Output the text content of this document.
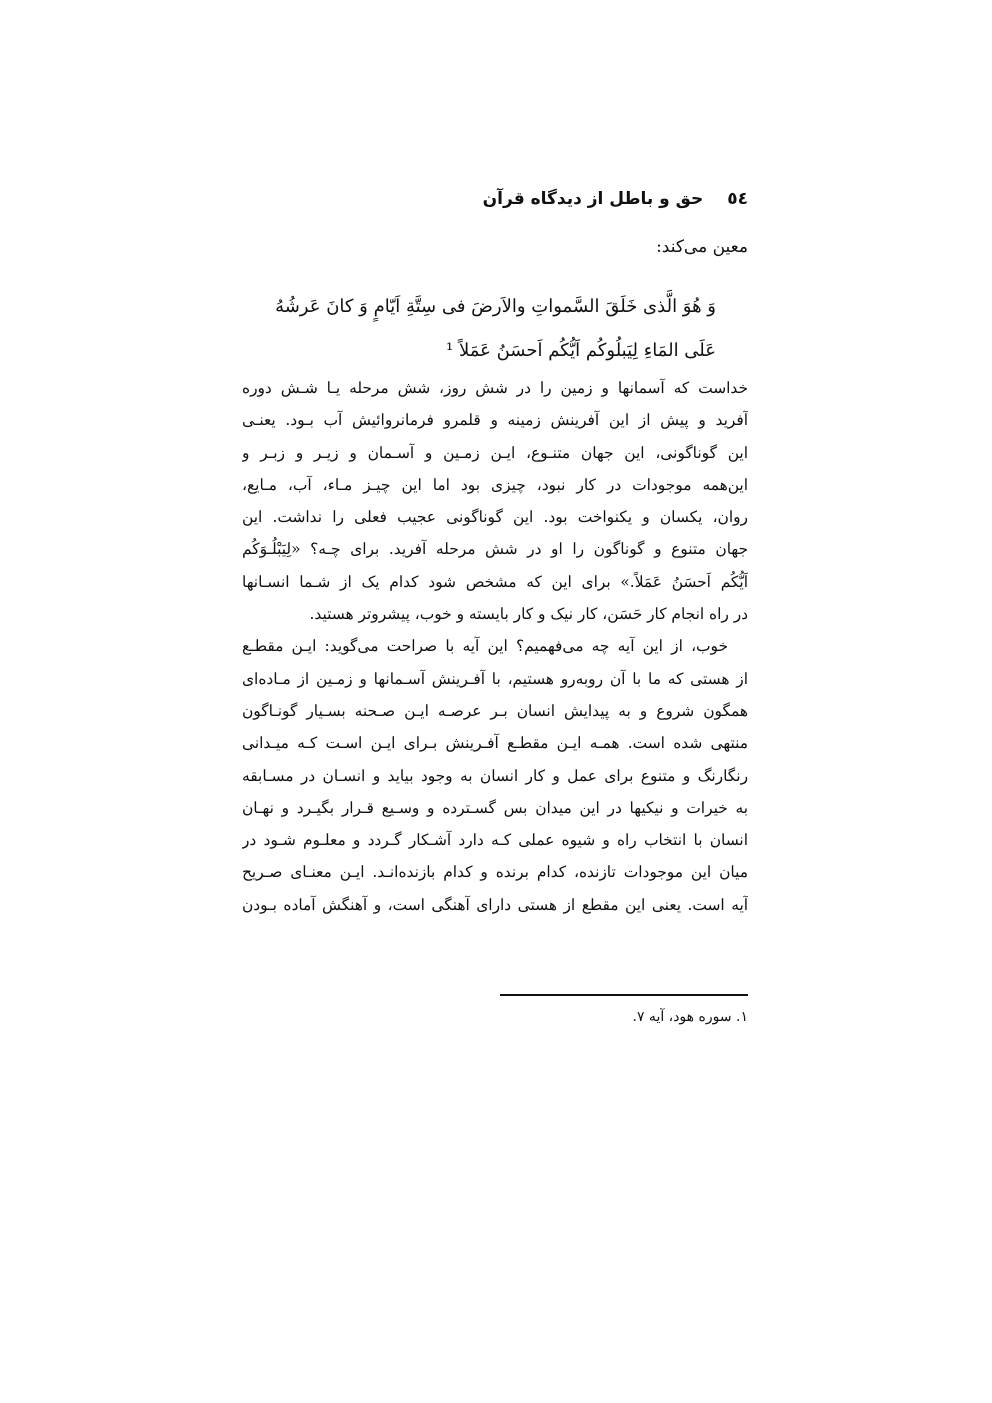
٥٤حق و باطل از دیدگاه قرآن
معین می‌کند:
وَ هُوَ الَّذی خَلَقَ السَّمواتِ والاَرضَ فی سِتَّةِ اَیّامٍ وَ کانَ عَرشُهُ
عَلَی المَاءِ لِیَبلُوکُم اَیُّکُم اَحسَنُ عَمَلاً ¹
خداست که آسمانها و زمین را در شش روز، شش مرحله یـا شـش دوره
آفرید و پیش از این آفرینش زمینه و قلمرو فرمانروائیش آب بـود. یعنـی
این گوناگونی، این جهان متنـوع، ایـن زمـین و آسـمان و زیـر و زبـر و
این‌همه موجودات در کار نبود، چیزی بود اما این چیـز مـاء، آب، مـایع،
روان، یکسان و یکنواخت بود. این گوناگونی عجیب فعلی را نداشت. این
جهان متنوع و گوناگون را او در شش مرحله آفرید. برای چـه؟ «لِیَبْلُـوَکُم
اَیُّکُم اَحسَنُ عَمَلاً.» برای این که مشخص شود کدام یک از شـما انسـانها
در راه انجام کار حَسَن، کار نیک و کار بایسته و خوب، پیشروتر هستید.
خوب، از این آیه چه می‌فهمیم؟ این آیه با صراحت می‌گوید: ایـن مقطـع
از هستی که ما با آن روبه‌رو هستیم، با آفـرینش آسـمانها و زمـین از مـاده‌ای
همگون شروع و به پیدایش انسان بـر عرصـه ایـن صـحنه بسـیار گونـاگون
منتهی شده است. همـه ایـن مقطـع آفـرینش بـرای ایـن اسـت کـه میـدانی
رنگارنگ و متنوع برای عمل و کار انسان به وجود بیاید و انسـان در مسـابقه
به خیرات و نیکیها در این میدان بس گسـترده و وسـیع قـرار بگیـرد و نهـان
انسان با انتخاب راه و شیوه عملی کـه دارد آشـکار گـردد و معلـوم شـود در
میان این موجودات تازنده، کدام برنده و کدام بازنده‌انـد. ایـن معنـای صـریح
آیه است. یعنی این مقطع از هستی دارای آهنگی است، و آهنگش آماده بـودن
۱. سوره هود، آیه ۷.
